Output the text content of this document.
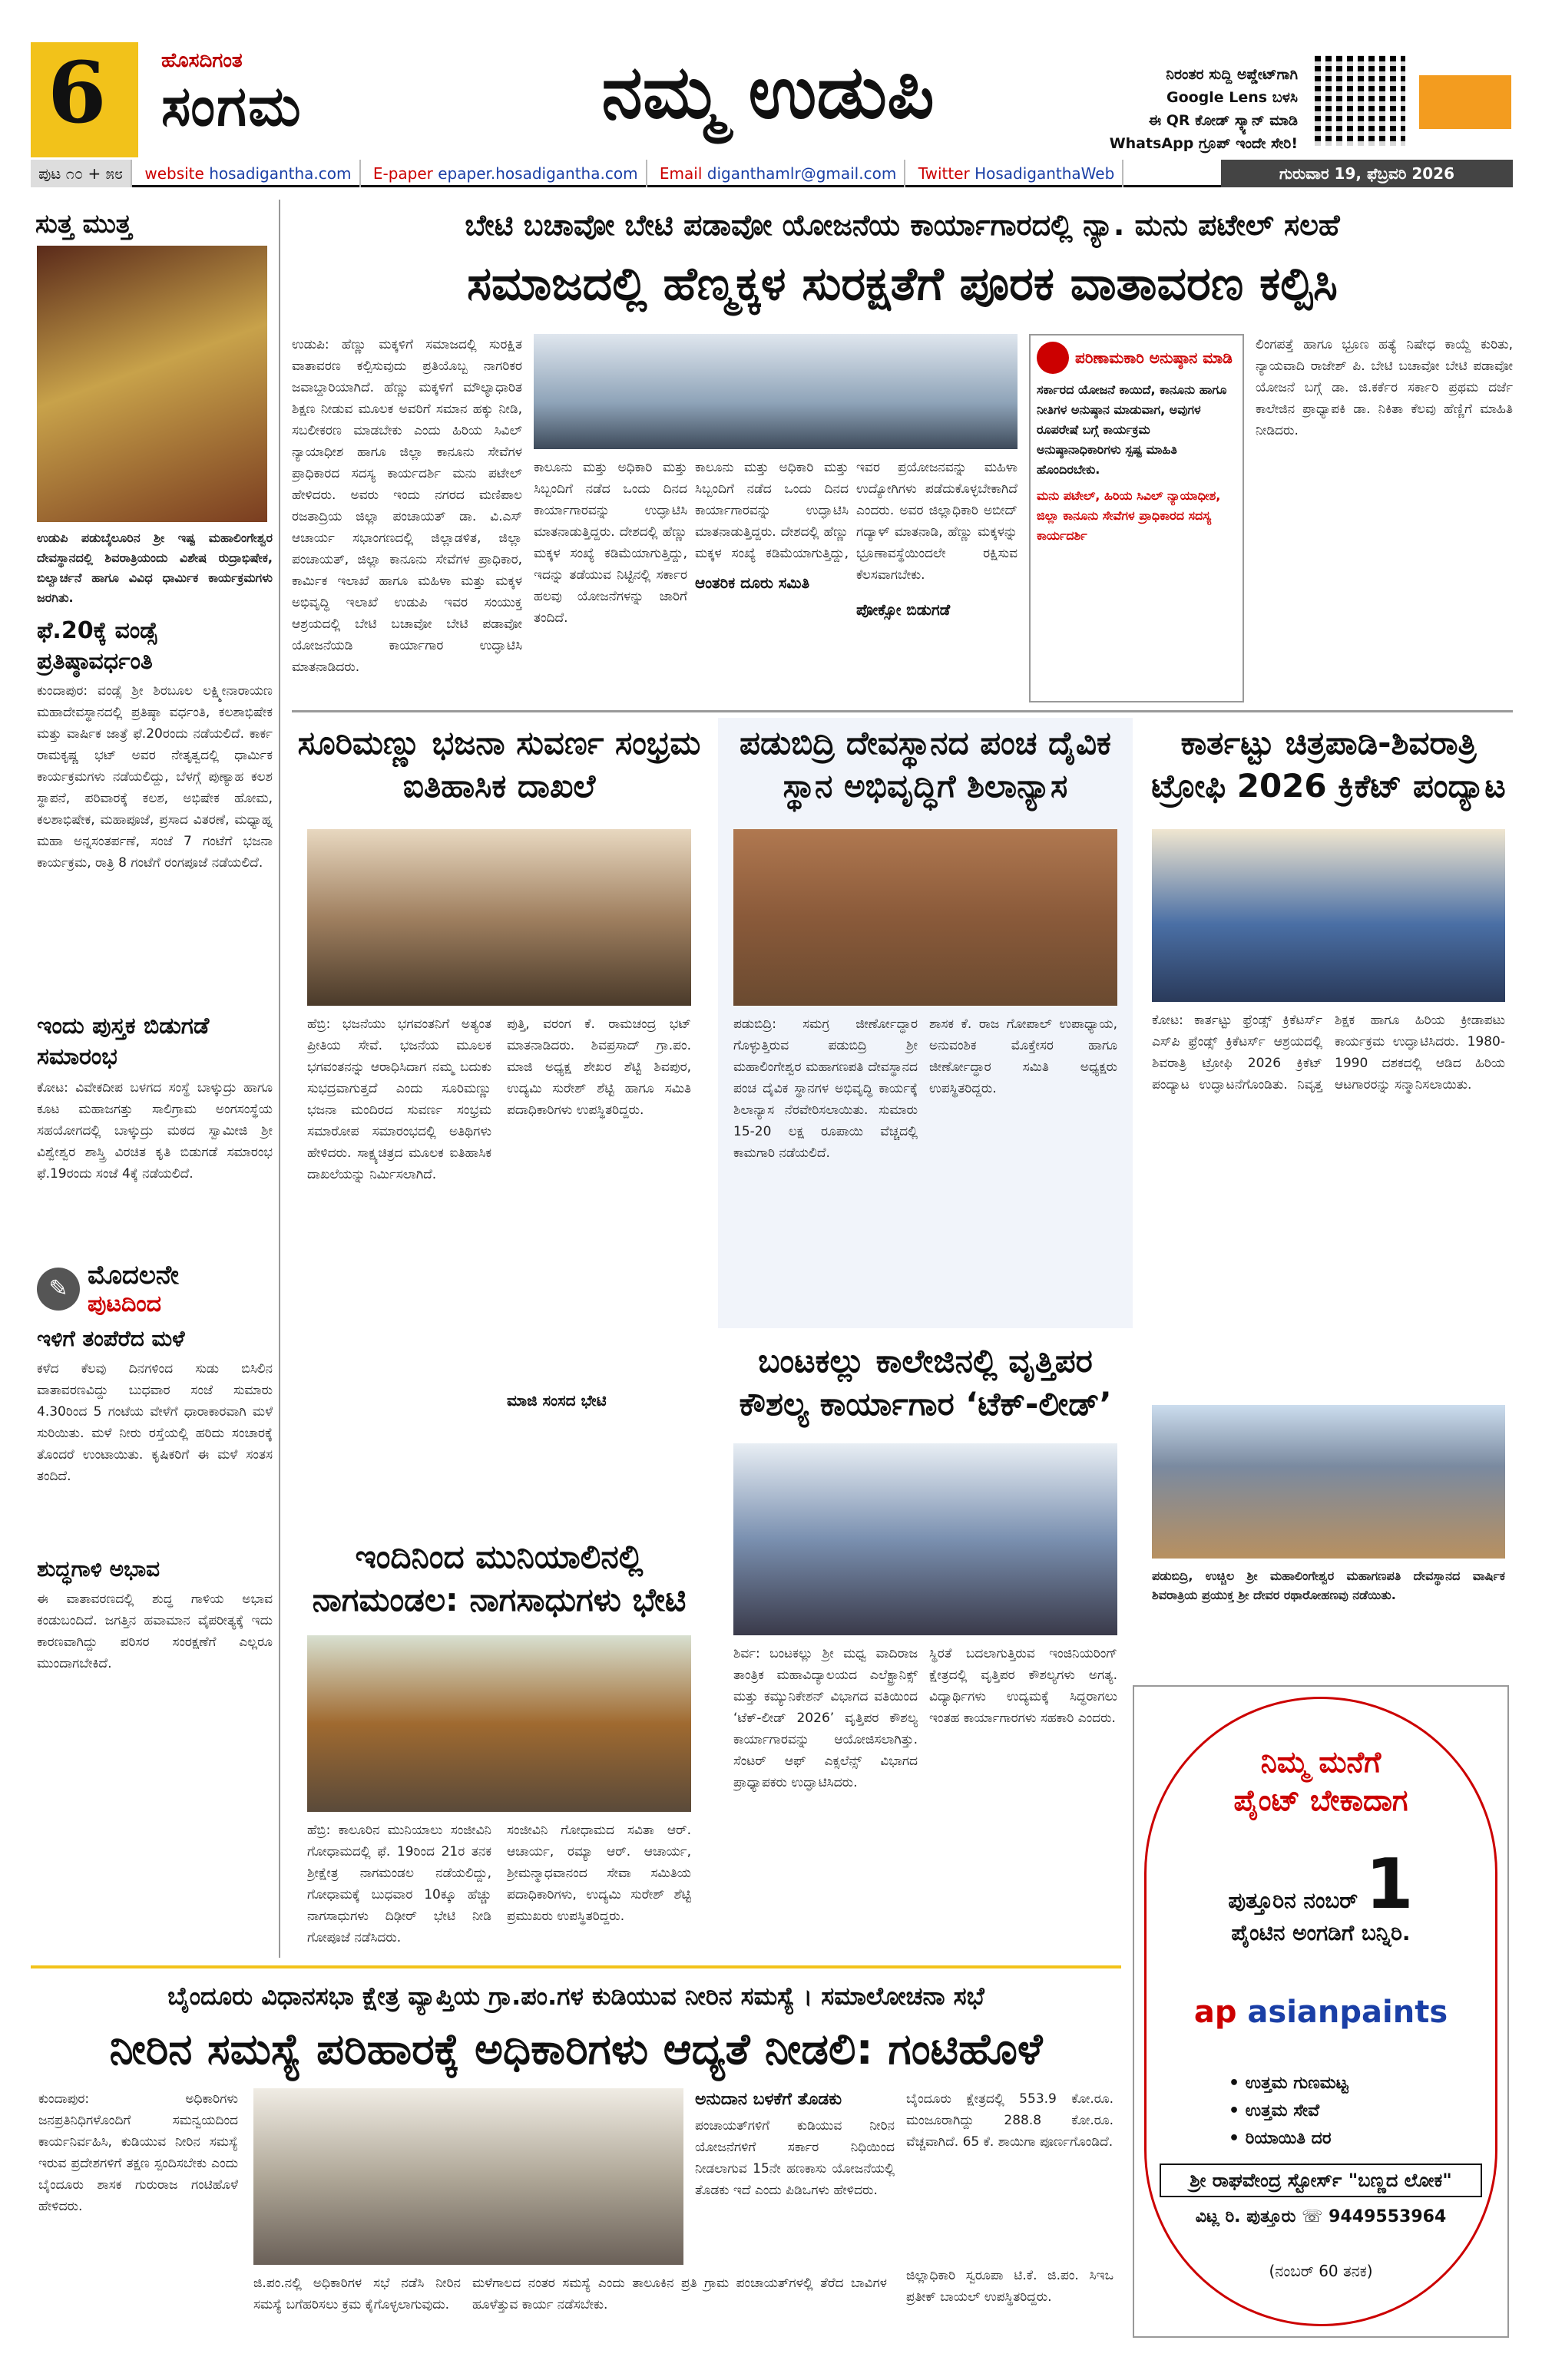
6	ಹೊಸದಿಗಂತ
ಸಂಗಮ	ನಮ್ಮ ಉಡುಪಿ	ನಿರಂತರ ಸುದ್ದಿ ಅಪ್ಡೇಟ್‌ಗಾಗಿ
Google Lens ಬಳಸಿ
ಈ QR ಕೋಡ್ ಸ್ಕ್ಯಾನ್ ಮಾಡಿ
WhatsApp ಗ್ರೂಪ್ ಇಂದೇ ಸೇರಿ!
ಪುಟ ೧೦ + ೫೮ website hosadigantha.com E-paper epaper.hosadigantha.com Email diganthamlr@gmail.com Twitter HosadiganthaWeb	ಗುರುವಾರ 19, ಫೆಬ್ರವರಿ 2026
ಸುತ್ತ ಮುತ್ತ
ಉಡುಪಿ ಪಡುಬೈಲೂರಿನ ಶ್ರೀ ಇಷ್ಟ ಮಹಾಲಿಂಗೇಶ್ವರ ದೇವಸ್ಥಾನದಲ್ಲಿ ಶಿವರಾತ್ರಿಯಂದು ವಿಶೇಷ ರುದ್ರಾಭಿಷೇಕ, ಬಿಲ್ವಾರ್ಚನೆ ಹಾಗೂ ವಿವಿಧ ಧಾರ್ಮಿಕ ಕಾರ್ಯಕ್ರಮಗಳು ಜರಗಿತು.
ಫೆ.20ಕ್ಕೆ ವಂಡ್ಸೆ ಪ್ರತಿಷ್ಠಾವರ್ಧಂತಿ
ಕುಂದಾಪುರ: ವಂಡ್ಸೆ ಶ್ರೀ ಶಿರಬೂಲ ಲಕ್ಷ್ಮೀನಾರಾಯಣ ಮಹಾದೇವಸ್ಥಾನದಲ್ಲಿ ಪ್ರತಿಷ್ಠಾ ವರ್ಧಂತಿ, ಕಲಶಾಭಿಷೇಕ ಮತ್ತು ವಾರ್ಷಿಕ ಜಾತ್ರೆ ಫೆ.20ರಂದು ನಡೆಯಲಿದೆ. ಕಾರ್ಕ ರಾಮಕೃಷ್ಣ ಭಟ್ ಅವರ ನೇತೃತ್ವದಲ್ಲಿ ಧಾರ್ಮಿಕ ಕಾರ್ಯಕ್ರಮಗಳು ನಡೆಯಲಿದ್ದು, ಬೆಳಗ್ಗೆ ಪುಣ್ಯಾಹ ಕಲಶ ಸ್ಥಾಪನೆ, ಪರಿವಾರಕ್ಕೆ ಕಲಶ, ಅಭಿಷೇಕ ಹೋಮ, ಕಲಶಾಭಿಷೇಕ, ಮಹಾಪೂಜೆ, ಪ್ರಸಾದ ವಿತರಣೆ, ಮಧ್ಯಾಹ್ನ ಮಹಾ ಅನ್ನಸಂತರ್ಪಣೆ, ಸಂಜೆ 7 ಗಂಟೆಗೆ ಭಜನಾ ಕಾರ್ಯಕ್ರಮ, ರಾತ್ರಿ 8 ಗಂಟೆಗೆ ರಂಗಪೂಜೆ ನಡೆಯಲಿದೆ.
ಇಂದು ಪುಸ್ತಕ ಬಿಡುಗಡೆ ಸಮಾರಂಭ
ಕೋಟ: ವಿವೇಕದೀಪ ಬಳಗದ ಸಂಸ್ಥೆ ಬಾಳ್ಕುದ್ರು ಹಾಗೂ ಕೂಟ ಮಹಾಜಗತ್ತು ಸಾಲಿಗ್ರಾಮ ಅಂಗಸಂಸ್ಥೆಯ ಸಹಯೋಗದಲ್ಲಿ ಬಾಳ್ಕುದ್ರು ಮಠದ ಸ್ವಾಮೀಜಿ ಶ್ರೀ ವಿಶ್ವೇಶ್ವರ ಶಾಸ್ತ್ರಿ ವಿರಚಿತ ಕೃತಿ ಬಿಡುಗಡೆ ಸಮಾರಂಭ ಫೆ.19ರಂದು ಸಂಜೆ 4ಕ್ಕೆ ನಡೆಯಲಿದೆ.
✎ ಮೊದಲನೇ
ಪುಟದಿಂದ
ಇಳಿಗೆ ತಂಪೆರೆದ ಮಳೆ
ಕಳೆದ ಕೆಲವು ದಿನಗಳಿಂದ ಸುಡು ಬಿಸಿಲಿನ ವಾತಾವರಣವಿದ್ದು ಬುಧವಾರ ಸಂಜೆ ಸುಮಾರು 4.30ರಿಂದ 5 ಗಂಟೆಯ ವೇಳೆಗೆ ಧಾರಾಕಾರವಾಗಿ ಮಳೆ ಸುರಿಯಿತು. ಮಳೆ ನೀರು ರಸ್ತೆಯಲ್ಲಿ ಹರಿದು ಸಂಚಾರಕ್ಕೆ ತೊಂದರೆ ಉಂಟಾಯಿತು. ಕೃಷಿಕರಿಗೆ ಈ ಮಳೆ ಸಂತಸ ತಂದಿದೆ.
ಶುದ್ಧಗಾಳಿ ಅಭಾವ
ಈ ವಾತಾವರಣದಲ್ಲಿ ಶುದ್ಧ ಗಾಳಿಯ ಅಭಾವ ಕಂಡುಬಂದಿದೆ. ಜಗತ್ತಿನ ಹವಾಮಾನ ವೈಪರೀತ್ಯಕ್ಕೆ ಇದು ಕಾರಣವಾಗಿದ್ದು ಪರಿಸರ ಸಂರಕ್ಷಣೆಗೆ ಎಲ್ಲರೂ ಮುಂದಾಗಬೇಕಿದೆ.
ಬೇಟಿ ಬಚಾವೋ ಬೇಟಿ ಪಡಾವೋ ಯೋಜನೆಯ ಕಾರ್ಯಾಗಾರದಲ್ಲಿ ನ್ಯಾ. ಮನು ಪಟೇಲ್ ಸಲಹೆ
ಸಮಾಜದಲ್ಲಿ ಹೆಣ್ಮಕ್ಕಳ ಸುರಕ್ಷತೆಗೆ ಪೂರಕ ವಾತಾವರಣ ಕಲ್ಪಿಸಿ
ಉಡುಪಿ: ಹೆಣ್ಣು ಮಕ್ಕಳಿಗೆ ಸಮಾಜದಲ್ಲಿ ಸುರಕ್ಷಿತ ವಾತಾವರಣ ಕಲ್ಪಿಸುವುದು ಪ್ರತಿಯೊಬ್ಬ ನಾಗರಿಕರ ಜವಾಬ್ದಾರಿಯಾಗಿದೆ. ಹೆಣ್ಣು ಮಕ್ಕಳಿಗೆ ಮೌಲ್ಯಾಧಾರಿತ ಶಿಕ್ಷಣ ನೀಡುವ ಮೂಲಕ ಅವರಿಗೆ ಸಮಾನ ಹಕ್ಕು ನೀಡಿ, ಸಬಲೀಕರಣ ಮಾಡಬೇಕು ಎಂದು ಹಿರಿಯ ಸಿವಿಲ್ ನ್ಯಾಯಾಧೀಶ ಹಾಗೂ ಜಿಲ್ಲಾ ಕಾನೂನು ಸೇವೆಗಳ ಪ್ರಾಧಿಕಾರದ ಸದಸ್ಯ ಕಾರ್ಯದರ್ಶಿ ಮನು ಪಟೇಲ್ ಹೇಳಿದರು. ಅವರು ಇಂದು ನಗರದ ಮಣಿಪಾಲ ರಜತಾದ್ರಿಯ ಜಿಲ್ಲಾ ಪಂಚಾಯತ್ ಡಾ. ವಿ.ಎಸ್ ಆಚಾರ್ಯ ಸಭಾಂಗಣದಲ್ಲಿ ಜಿಲ್ಲಾಡಳಿತ, ಜಿಲ್ಲಾ ಪಂಚಾಯತ್, ಜಿಲ್ಲಾ ಕಾನೂನು ಸೇವೆಗಳ ಪ್ರಾಧಿಕಾರ, ಕಾರ್ಮಿಕ ಇಲಾಖೆ ಹಾಗೂ ಮಹಿಳಾ ಮತ್ತು ಮಕ್ಕಳ ಅಭಿವೃದ್ಧಿ ಇಲಾಖೆ ಉಡುಪಿ ಇವರ ಸಂಯುಕ್ತ ಆಶ್ರಯದಲ್ಲಿ ಬೇಟಿ ಬಚಾವೋ ಬೇಟಿ ಪಡಾವೋ ಯೋಜನೆಯಡಿ ಕಾರ್ಯಾಗಾರ ಉದ್ಘಾಟಿಸಿ ಮಾತನಾಡಿದರು.
ಕಾಲೂನು ಮತ್ತು ಅಧಿಕಾರಿ ಮತ್ತು ಸಿಬ್ಬಂದಿಗೆ ನಡೆದ ಒಂದು ದಿನದ ಕಾರ್ಯಾಗಾರವನ್ನು ಉದ್ಘಾಟಿಸಿ ಮಾತನಾಡುತ್ತಿದ್ದರು. ದೇಶದಲ್ಲಿ ಹೆಣ್ಣು ಮಕ್ಕಳ ಸಂಖ್ಯೆ ಕಡಿಮೆಯಾಗುತ್ತಿದ್ದು, ಇದನ್ನು ತಡೆಯುವ ನಿಟ್ಟಿನಲ್ಲಿ ಸರ್ಕಾರ ಹಲವು ಯೋಜನೆಗಳನ್ನು ಜಾರಿಗೆ ತಂದಿದೆ.
ಆಂತರಿಕ ದೂರು ಸಮಿತಿ
ಕಾಲೂನು ಮತ್ತು ಅಧಿಕಾರಿ ಮತ್ತು ಸಿಬ್ಬಂದಿಗೆ ನಡೆದ ಒಂದು ದಿನದ ಕಾರ್ಯಾಗಾರವನ್ನು ಉದ್ಘಾಟಿಸಿ ಮಾತನಾಡುತ್ತಿದ್ದರು. ದೇಶದಲ್ಲಿ ಹೆಣ್ಣು ಮಕ್ಕಳ ಸಂಖ್ಯೆ ಕಡಿಮೆಯಾಗುತ್ತಿದ್ದು,
ಇವರ ಪ್ರಯೋಜನವನ್ನು ಮಹಿಳಾ ಉದ್ಯೋಗಿಗಳು ಪಡೆದುಕೊಳ್ಳಬೇಕಾಗಿದೆ ಎಂದರು. ಅವರ ಜಿಲ್ಲಾಧಿಕಾರಿ ಅಬೀದ್ ಗದ್ಯಾಳ್ ಮಾತನಾಡಿ, ಹೆಣ್ಣು ಮಕ್ಕಳನ್ನು ಭ್ರೂಣಾವಸ್ಥೆಯಿಂದಲೇ ರಕ್ಷಿಸುವ ಕೆಲಸವಾಗಬೇಕು.
ಪೋಕ್ಸೋ ಬಿಡುಗಡೆ
ಪರಿಣಾಮಕಾರಿ ಅನುಷ್ಠಾನ ಮಾಡಿ
ಸರ್ಕಾರದ ಯೋಜನೆ ಕಾಯಿದೆ, ಕಾನೂನು ಹಾಗೂ ನೀತಿಗಳ ಅನುಷ್ಠಾನ ಮಾಡುವಾಗ, ಅವುಗಳ ರೂಪರೇಷೆ ಬಗ್ಗೆ ಕಾರ್ಯಕ್ರಮ ಅನುಷ್ಠಾನಾಧಿಕಾರಿಗಳು ಸ್ಪಷ್ಟ ಮಾಹಿತಿ ಹೊಂದಿರಬೇಕು.
ಮನು ಪಟೇಲ್, ಹಿರಿಯ ಸಿವಿಲ್ ನ್ಯಾಯಾಧೀಶ, ಜಿಲ್ಲಾ ಕಾನೂನು ಸೇವೆಗಳ ಪ್ರಾಧಿಕಾರದ ಸದಸ್ಯ ಕಾರ್ಯದರ್ಶಿ
ಲಿಂಗಪತ್ತೆ ಹಾಗೂ ಭ್ರೂಣ ಹತ್ಯೆ ನಿಷೇಧ ಕಾಯ್ದೆ ಕುರಿತು, ನ್ಯಾಯವಾದಿ ರಾಜೇಶ್ ಪಿ. ಬೇಟಿ ಬಚಾವೋ ಬೇಟಿ ಪಡಾವೋ ಯೋಜನೆ ಬಗ್ಗೆ ಡಾ. ಜಿ.ಕರ್ಕೆರ ಸರ್ಕಾರಿ ಪ್ರಥಮ ದರ್ಜೆ ಕಾಲೇಜಿನ ಪ್ರಾಧ್ಯಾಪಕಿ ಡಾ. ನಿಕಿತಾ ಕೆಲವು ಹೆಣ್ಣಿಗೆ ಮಾಹಿತಿ ನೀಡಿದರು.
ಸೂರಿಮಣ್ಣು ಭಜನಾ ಸುವರ್ಣ ಸಂಭ್ರಮ ಐತಿಹಾಸಿಕ ದಾಖಲೆ
ಹೆಬ್ರಿ: ಭಜನೆಯು ಭಗವಂತನಿಗೆ ಅತ್ಯಂತ ಪ್ರೀತಿಯ ಸೇವೆ. ಭಜನೆಯ ಮೂಲಕ ಭಗವಂತನನ್ನು ಆರಾಧಿಸಿದಾಗ ನಮ್ಮ ಬದುಕು ಸುಭದ್ರವಾಗುತ್ತದೆ ಎಂದು ಸೂರಿಮಣ್ಣು ಭಜನಾ ಮಂದಿರದ ಸುವರ್ಣ ಸಂಭ್ರಮ ಸಮಾರೋಪ ಸಮಾರಂಭದಲ್ಲಿ ಅತಿಥಿಗಳು ಹೇಳಿದರು. ಸಾಕ್ಷ್ಯಚಿತ್ರದ ಮೂಲಕ ಐತಿಹಾಸಿಕ ದಾಖಲೆಯನ್ನು ನಿರ್ಮಿಸಲಾಗಿದೆ.
ಪುತ್ತಿ, ವರಂಗ ಕೆ. ರಾಮಚಂದ್ರ ಭಟ್ ಮಾತನಾಡಿದರು. ಶಿವಪ್ರಸಾದ್ ಗ್ರಾ.ಪಂ. ಮಾಜಿ ಅಧ್ಯಕ್ಷ ಶೇಖರ ಶೆಟ್ಟಿ ಶಿವಪುರ, ಉದ್ಯಮಿ ಸುರೇಶ್ ಶೆಟ್ಟಿ ಹಾಗೂ ಸಮಿತಿ ಪದಾಧಿಕಾರಿಗಳು ಉಪಸ್ಥಿತರಿದ್ದರು.
ಮಾಜಿ ಸಂಸದ ಭೇಟಿ
ಪಡುಬಿದ್ರಿ ದೇವಸ್ಥಾನದ ಪಂಚ ದೈವಿಕ ಸ್ಥಾನ ಅಭಿವೃದ್ಧಿಗೆ ಶಿಲಾನ್ಯಾಸ
ಪಡುಬಿದ್ರಿ: ಸಮಗ್ರ ಜೀರ್ಣೋದ್ಧಾರ ಗೊಳ್ಳುತ್ತಿರುವ ಪಡುಬಿದ್ರಿ ಶ್ರೀ ಮಹಾಲಿಂಗೇಶ್ವರ ಮಹಾಗಣಪತಿ ದೇವಸ್ಥಾನದ ಪಂಚ ದೈವಿಕ ಸ್ಥಾನಗಳ ಅಭಿವೃದ್ಧಿ ಕಾರ್ಯಕ್ಕೆ ಶಿಲಾನ್ಯಾಸ ನೆರವೇರಿಸಲಾಯಿತು. ಸುಮಾರು 15-20 ಲಕ್ಷ ರೂಪಾಯಿ ವೆಚ್ಚದಲ್ಲಿ ಕಾಮಗಾರಿ ನಡೆಯಲಿದೆ.
ಶಾಸಕ ಕೆ. ರಾಜ ಗೋಪಾಲ್ ಉಪಾಧ್ಯಾಯ, ಅನುವಂಶಿಕ ಮೊಕ್ತೇಸರ ಹಾಗೂ ಜೀರ್ಣೋದ್ಧಾರ ಸಮಿತಿ ಅಧ್ಯಕ್ಷರು ಉಪಸ್ಥಿತರಿದ್ದರು.
ಕಾರ್ತಟ್ಟು ಚಿತ್ರಪಾಡಿ-ಶಿವರಾತ್ರಿ ಟ್ರೋಫಿ 2026 ಕ್ರಿಕೆಟ್ ಪಂದ್ಯಾಟ
ಕೋಟ: ಕಾರ್ತಟ್ಟು ಫ್ರೆಂಡ್ಸ್ ಕ್ರಿಕೆಟರ್ಸ್ ಎಸ್‌ಪಿ ಫ್ರೆಂಡ್ಸ್ ಕ್ರಿಕೆಟರ್ಸ್ ಆಶ್ರಯದಲ್ಲಿ ಶಿವರಾತ್ರಿ ಟ್ರೋಫಿ 2026 ಕ್ರಿಕೆಟ್ ಪಂದ್ಯಾಟ ಉದ್ಘಾಟನೆಗೊಂಡಿತು. ನಿವೃತ್ತ ಶಿಕ್ಷಕ ಹಾಗೂ ಹಿರಿಯ ಕ್ರೀಡಾಪಟು ಕಾರ್ಯಕ್ರಮ ಉದ್ಘಾಟಿಸಿದರು. 1980-1990 ದಶಕದಲ್ಲಿ ಆಡಿದ ಹಿರಿಯ ಆಟಗಾರರನ್ನು ಸನ್ಮಾನಿಸಲಾಯಿತು.
ಪಡುಬಿದ್ರಿ, ಉಚ್ಚಿಲ ಶ್ರೀ ಮಹಾಲಿಂಗೇಶ್ವರ ಮಹಾಗಣಪತಿ ದೇವಸ್ಥಾನದ ವಾರ್ಷಿಕ ಶಿವರಾತ್ರಿಯ ಪ್ರಯುಕ್ತ ಶ್ರೀ ದೇವರ ರಥಾರೋಹಣವು ನಡೆಯಿತು.
ಇಂದಿನಿಂದ ಮುನಿಯಾಲಿನಲ್ಲಿ ನಾಗಮಂಡಲ: ನಾಗಸಾಧುಗಳು ಭೇಟಿ
ಹೆಬ್ರಿ: ಕಾಲೂರಿನ ಮುನಿಯಾಲು ಸಂಜೀವಿನಿ ಗೋಧಾಮದಲ್ಲಿ ಫೆ. 19ರಿಂದ 21ರ ತನಕ ಶ್ರೀಕ್ಷೇತ್ರ ನಾಗಮಂಡಲ ನಡೆಯಲಿದ್ದು, ಗೋಧಾಮಕ್ಕೆ ಬುಧವಾರ 10ಕ್ಕೂ ಹೆಚ್ಚು ನಾಗಸಾಧುಗಳು ದಿಢೀರ್ ಭೇಟಿ ನೀಡಿ ಗೋಪೂಜೆ ನಡೆಸಿದರು.
ಸಂಜೀವಿನಿ ಗೋಧಾಮದ ಸವಿತಾ ಆರ್. ಆಚಾರ್ಯ, ರಮ್ಯಾ ಆರ್. ಆಚಾರ್ಯ, ಶ್ರೀಮನ್ಮಾಧವಾನಂದ ಸೇವಾ ಸಮಿತಿಯ ಪದಾಧಿಕಾರಿಗಳು, ಉದ್ಯಮಿ ಸುರೇಶ್ ಶೆಟ್ಟಿ ಪ್ರಮುಖರು ಉಪಸ್ಥಿತರಿದ್ದರು.
ಬಂಟಕಲ್ಲು ಕಾಲೇಜಿನಲ್ಲಿ ವೃತ್ತಿಪರ ಕೌಶಲ್ಯ ಕಾರ್ಯಾಗಾರ ‘ಟೆಕ್-ಲೀಡ್’
ಶಿರ್ವ: ಬಂಟಕಲ್ಲು ಶ್ರೀ ಮಧ್ವ ವಾದಿರಾಜ ತಾಂತ್ರಿಕ ಮಹಾವಿದ್ಯಾಲಯದ ಎಲೆಕ್ಟ್ರಾನಿಕ್ಸ್ ಮತ್ತು ಕಮ್ಯುನಿಕೇಶನ್ ವಿಭಾಗದ ವತಿಯಿಂದ ‘ಟೆಕ್-ಲೀಡ್ 2026’ ವೃತ್ತಿಪರ ಕೌಶಲ್ಯ ಕಾರ್ಯಾಗಾರವನ್ನು ಆಯೋಜಿಸಲಾಗಿತ್ತು. ಸೆಂಟರ್ ಆಫ್ ಎಕ್ಸಲೆನ್ಸ್ ವಿಭಾಗದ ಪ್ರಾಧ್ಯಾಪಕರು ಉದ್ಘಾಟಿಸಿದರು.
ಸ್ಥಿರತೆ ಬದಲಾಗುತ್ತಿರುವ ಇಂಜಿನಿಯರಿಂಗ್ ಕ್ಷೇತ್ರದಲ್ಲಿ ವೃತ್ತಿಪರ ಕೌಶಲ್ಯಗಳು ಅಗತ್ಯ. ವಿದ್ಯಾರ್ಥಿಗಳು ಉದ್ಯಮಕ್ಕೆ ಸಿದ್ಧರಾಗಲು ಇಂತಹ ಕಾರ್ಯಾಗಾರಗಳು ಸಹಕಾರಿ ಎಂದರು.
ನಿಮ್ಮ ಮನೆಗೆ
ಪೈಂಟ್ ಬೇಕಾದಾಗ
ಪುತ್ತೂರಿನ ನಂಬರ್ 1
ಪೈಂಟಿನ ಅಂಗಡಿಗೆ ಬನ್ನಿರಿ.
ap asianpaints
• ಉತ್ತಮ ಗುಣಮಟ್ಟ
• ಉತ್ತಮ ಸೇವೆ
• ರಿಯಾಯಿತಿ ದರ
ಶ್ರೀ ರಾಘವೇಂದ್ರ ಸ್ಟೋರ್ಸ್ "ಬಣ್ಣದ ಲೋಕ"
ವಿಟ್ಲ ರಿ. ಪುತ್ತೂರು ☏ 9449553964
(ನಂಬರ್ 60 ತನಕ)
ಬೈಂದೂರು ವಿಧಾನಸಭಾ ಕ್ಷೇತ್ರ ವ್ಯಾಪ್ತಿಯ ಗ್ರಾ.ಪಂ.ಗಳ ಕುಡಿಯುವ ನೀರಿನ ಸಮಸ್ಯೆ । ಸಮಾಲೋಚನಾ ಸಭೆ
ನೀರಿನ ಸಮಸ್ಯೆ ಪರಿಹಾರಕ್ಕೆ ಅಧಿಕಾರಿಗಳು ಆದ್ಯತೆ ನೀಡಲಿ: ಗಂಟಿಹೊಳೆ
ಕುಂದಾಪುರ: ಅಧಿಕಾರಿಗಳು ಜನಪ್ರತಿನಿಧಿಗಳೊಂದಿಗೆ ಸಮನ್ವಯದಿಂದ ಕಾರ್ಯನಿರ್ವಹಿಸಿ, ಕುಡಿಯುವ ನೀರಿನ ಸಮಸ್ಯೆ ಇರುವ ಪ್ರದೇಶಗಳಿಗೆ ತಕ್ಷಣ ಸ್ಪಂದಿಸಬೇಕು ಎಂದು ಬೈಂದೂರು ಶಾಸಕ ಗುರುರಾಜ ಗಂಟಿಹೊಳೆ ಹೇಳಿದರು.
ಜಿ.ಪಂ.ನಲ್ಲಿ ಅಧಿಕಾರಿಗಳ ಸಭೆ ನಡೆಸಿ ನೀರಿನ ಸಮಸ್ಯೆ ಬಗೆಹರಿಸಲು ಕ್ರಮ ಕೈಗೊಳ್ಳಲಾಗುವುದು.
ಅನುದಾನ ಬಳಕೆಗೆ ತೊಡಕು
ಪಂಚಾಯತ್‌ಗಳಿಗೆ ಕುಡಿಯುವ ನೀರಿನ ಯೋಜನೆಗಳಿಗೆ ಸರ್ಕಾರ ನಿಧಿಯಿಂದ ನೀಡಲಾಗುವ 15ನೇ ಹಣಕಾಸು ಯೋಜನೆಯಲ್ಲಿ ತೊಡಕು ಇದೆ ಎಂದು ಪಿಡಿಒಗಳು ಹೇಳಿದರು.
ಮಳೆಗಾಲದ ನಂತರ ಸಮಸ್ಯೆ ಎಂದು ತಾಲೂಕಿನ ಪ್ರತಿ ಗ್ರಾಮ ಪಂಚಾಯತ್‌ಗಳಲ್ಲಿ ತೆರೆದ ಬಾವಿಗಳ ಹೂಳೆತ್ತುವ ಕಾರ್ಯ ನಡೆಸಬೇಕು.
ಬೈಂದೂರು ಕ್ಷೇತ್ರದಲ್ಲಿ 553.9 ಕೋ.ರೂ. ಮಂಜೂರಾಗಿದ್ದು 288.8 ಕೋ.ರೂ. ವೆಚ್ಚವಾಗಿದೆ. 65 ಕೆ. ಶಾಯಿಗಾ ಪೂರ್ಣಗೊಂಡಿದೆ.
ಜಿಲ್ಲಾಧಿಕಾರಿ ಸ್ವರೂಪಾ ಟಿ.ಕೆ. ಜಿ.ಪಂ. ಸಿಇಒ ಪ್ರತೀಕ್ ಬಾಯಲ್ ಉಪಸ್ಥಿತರಿದ್ದರು.
